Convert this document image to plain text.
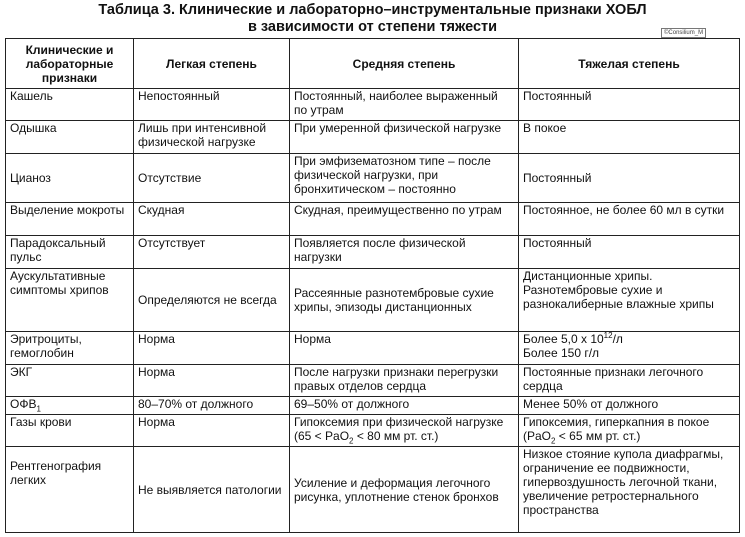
Таблица 3. Клинические и лабораторно–инструментальные признаки ХОБЛ
в зависимости от степени тяжести	©Consilium_M
Клинические и лабораторные признаки	Легкая степень	Средняя степень	Тяжелая степень
Кашель	Непостоянный	Постоянный, наиболее выраженный по утрам	Постоянный
Одышка	Лишь при интенсивной физической нагрузке	При умеренной физической нагрузке	В покое
Цианоз	Отсутствие	При эмфизематозном типе – после физической нагрузки, при бронхитическом – постоянно	Постоянный
Выделение мокроты	Скудная	Скудная, преимущественно по утрам	Постоянное, не более 60 мл в сутки
Парадоксальный пульс	Отсутствует	Появляется после физической нагрузки	Постоянный
Аускультативные симптомы хрипов	Определяются не всегда	Рассеянные разнотембровые сухие хрипы, эпизоды дистанционных	Дистанционные хрипы. Разнотембровые сухие и разнокалиберные влажные хрипы
Эритроциты, гемоглобин	Норма	Норма	Более 5,0 х $10^{12}/л$
Более 150 г/л

ЭКГ	Норма	После нагрузки признаки перегрузки правых отделов сердца	Постоянные признаки легочного сердца
$ОФВ_1$	80–70% от должного	69–50% от должного	Менее 50% от должного
Газы крови	Норма	Гипоксемия при физической нагрузке (65 < PaO$_2$ < 80 мм рт. ст.)	Гипоксемия, гиперкапния в покое (PaO$_2$ < 65 мм рт. ст.)
Рентгенография легких	Не выявляется патологии	Усиление и деформация легочного рисунка, уплотнение стенок бронхов	Низкое стояние купола диафрагмы, ограничение ее подвижности, гипервоздушность легочной ткани, увеличение ретростернального пространства
